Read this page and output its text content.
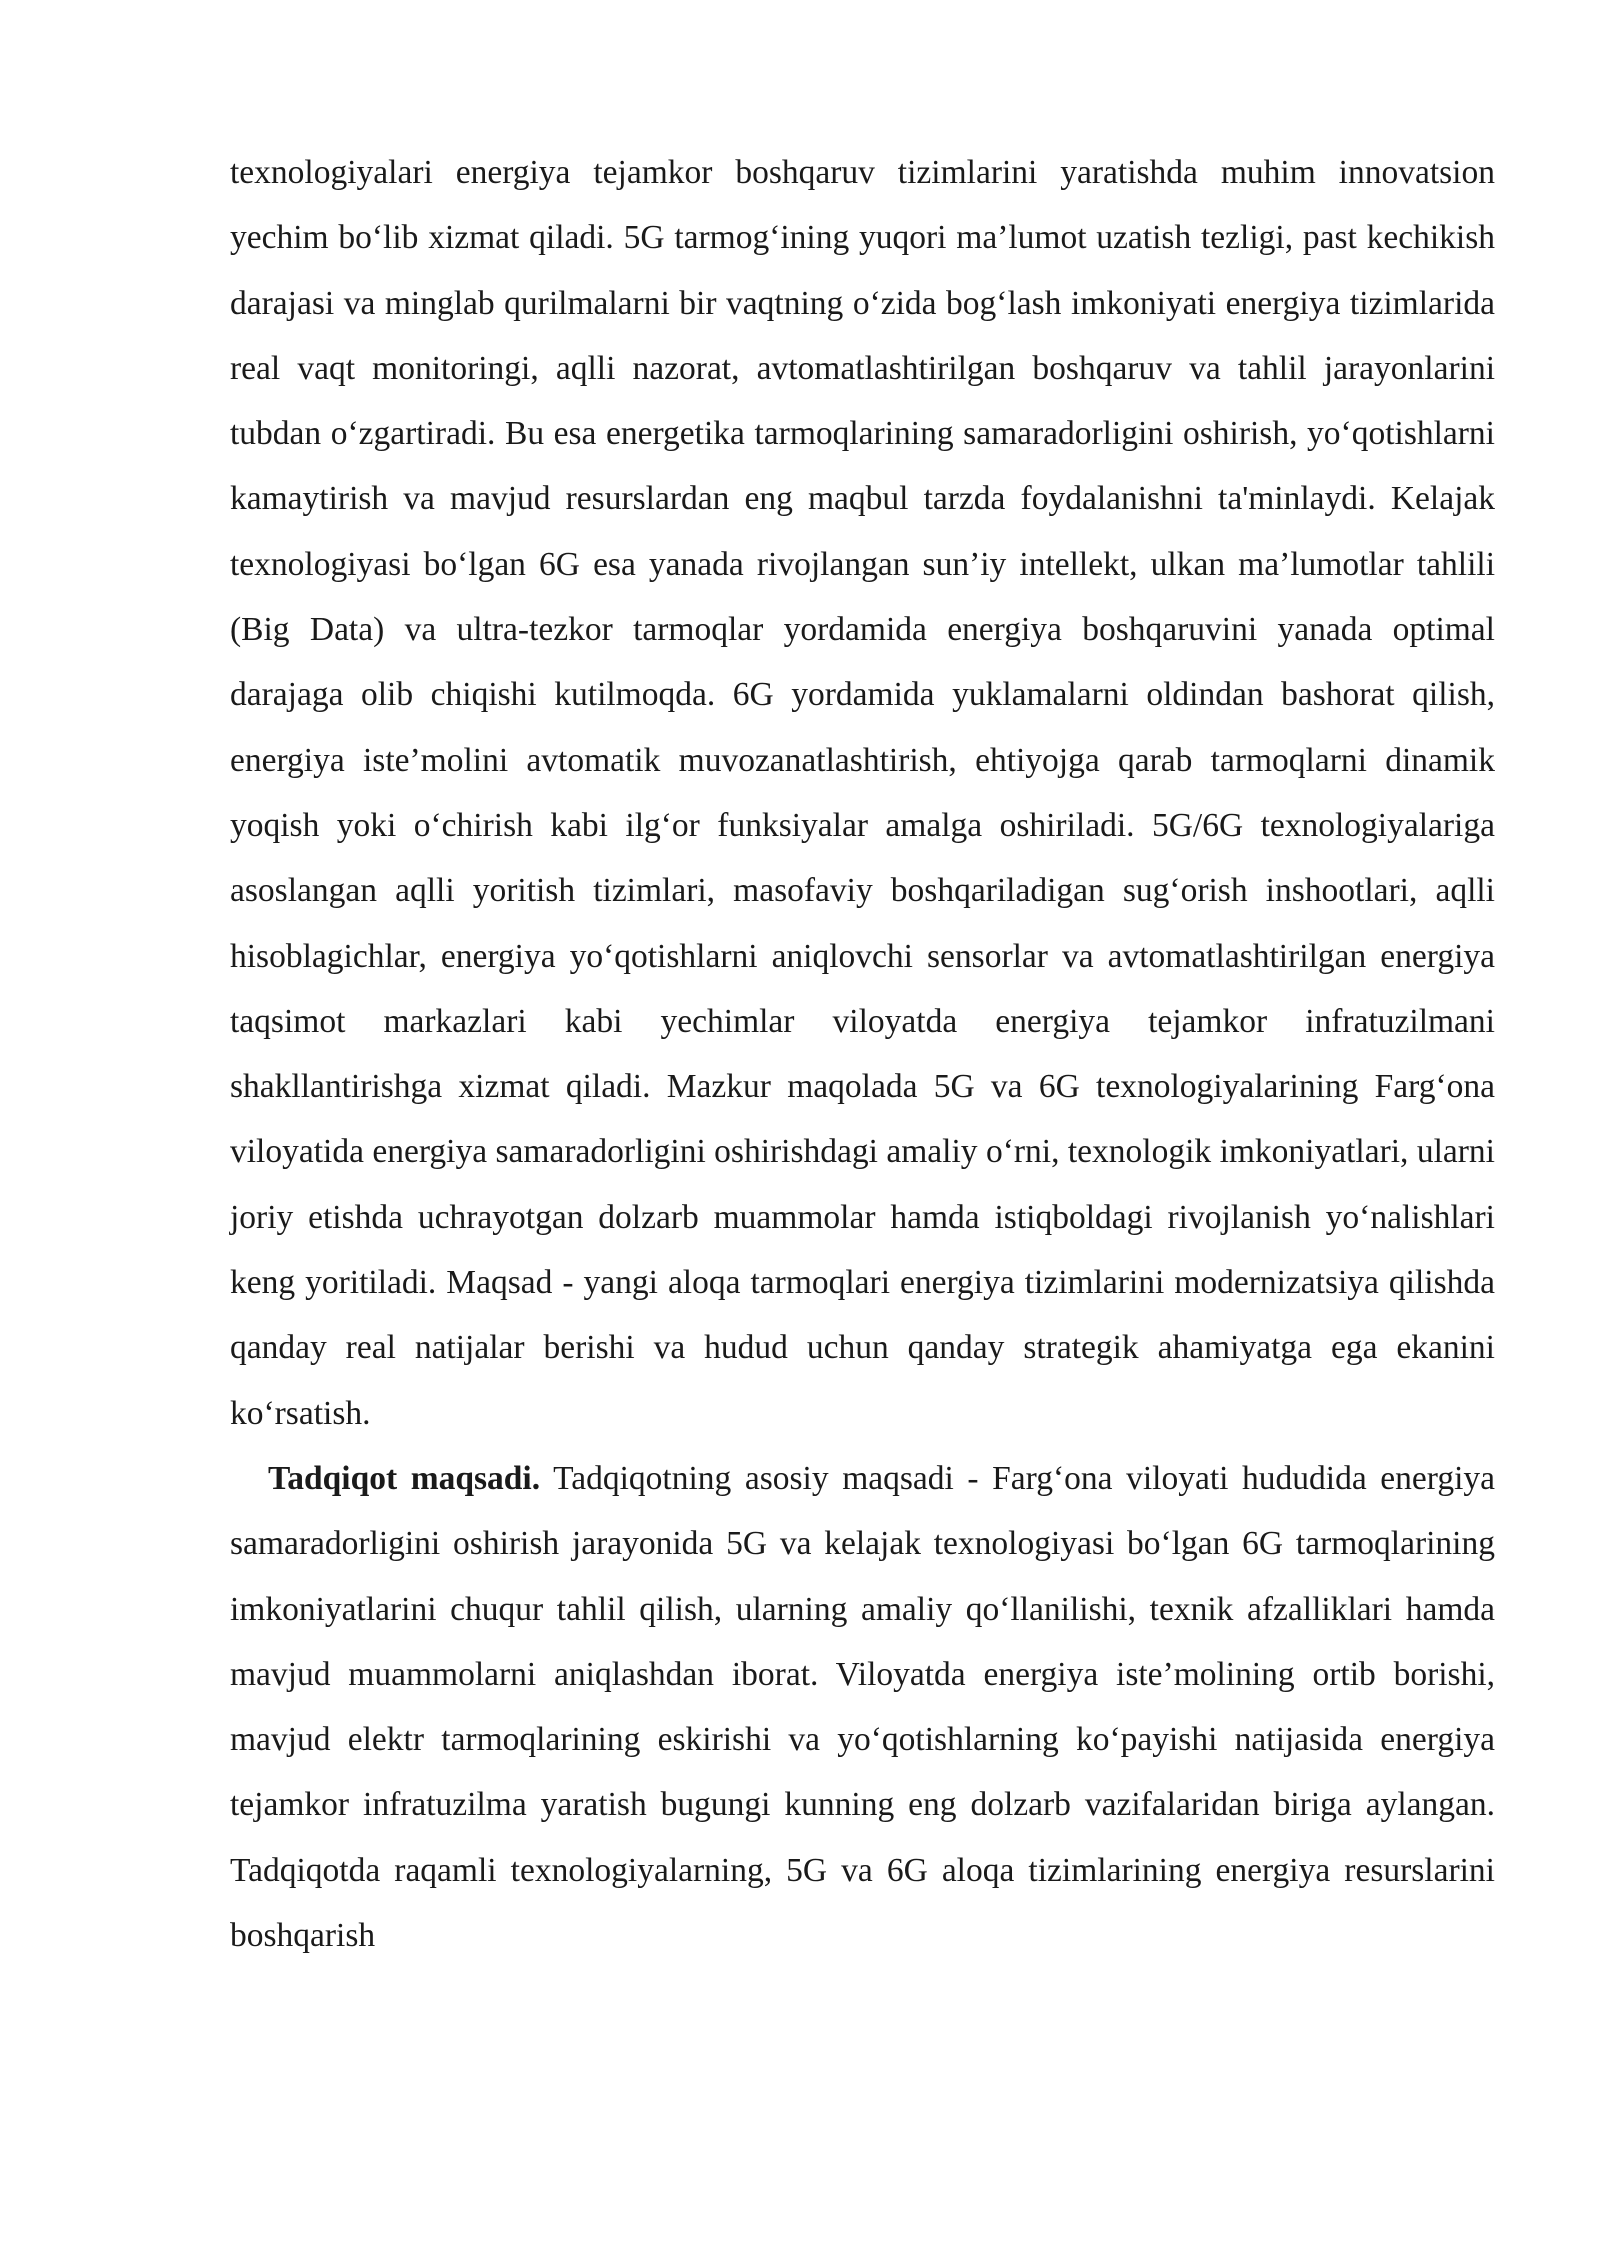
texnologiyalari energiya tejamkor boshqaruv tizimlarini yaratishda muhim innovatsion yechim bo‘lib xizmat qiladi. 5G tarmog‘ining yuqori ma’lumot uzatish tezligi, past kechikish darajasi va minglab qurilmalarni bir vaqtning o‘zida bog‘lash imkoniyati energiya tizimlarida real vaqt monitoringi, aqlli nazorat, avtomatlashtirilgan boshqaruv va tahlil jarayonlarini tubdan o‘zgartiradi. Bu esa energetika tarmoqlarining samaradorligini oshirish, yo‘qotishlarni kamaytirish va mavjud resurslardan eng maqbul tarzda foydalanishni ta'minlaydi. Kelajak texnologiyasi bo‘lgan 6G esa yanada rivojlangan sun’iy intellekt, ulkan ma’lumotlar tahlili (Big Data) va ultra-tezkor tarmoqlar yordamida energiya boshqaruvini yanada optimal darajaga olib chiqishi kutilmoqda. 6G yordamida yuklamalarni oldindan bashorat qilish, energiya iste’molini avtomatik muvozanatlashtirish, ehtiyojga qarab tarmoqlarni dinamik yoqish yoki o‘chirish kabi ilg‘or funksiyalar amalga oshiriladi. 5G/6G texnologiyalariga asoslangan aqlli yoritish tizimlari, masofaviy boshqariladigan sug‘orish inshootlari, aqlli hisoblagichlar, energiya yo‘qotishlarni aniqlovchi sensorlar va avtomatlashtirilgan energiya taqsimot markazlari kabi yechimlar viloyatda energiya tejamkor infratuzilmani shakllantirishga xizmat qiladi. Mazkur maqolada 5G va 6G texnologiyalarining Farg‘ona viloyatida energiya samaradorligini oshirishdagi amaliy o‘rni, texnologik imkoniyatlari, ularni joriy etishda uchrayotgan dolzarb muammolar hamda istiqboldagi rivojlanish yo‘nalishlari keng yoritiladi. Maqsad - yangi aloqa tarmoqlari energiya tizimlarini modernizatsiya qilishda qanday real natijalar berishi va hudud uchun qanday strategik ahamiyatga ega ekanini ko‘rsatish.

Tadqiqot maqsadi. Tadqiqotning asosiy maqsadi - Farg‘ona viloyati hududida energiya samaradorligini oshirish jarayonida 5G va kelajak texnologiyasi bo‘lgan 6G tarmoqlarining imkoniyatlarini chuqur tahlil qilish, ularning amaliy qo‘llanilishi, texnik afzalliklari hamda mavjud muammolarni aniqlashdan iborat. Viloyatda energiya iste’molining ortib borishi, mavjud elektr tarmoqlarining eskirishi va yo‘qotishlarning ko‘payishi natijasida energiya tejamkor infratuzilma yaratish bugungi kunning eng dolzarb vazifalaridan biriga aylangan. Tadqiqotda raqamli texnologiyalarning, 5G va 6G aloqa tizimlarining energiya resurslarini boshqarish
